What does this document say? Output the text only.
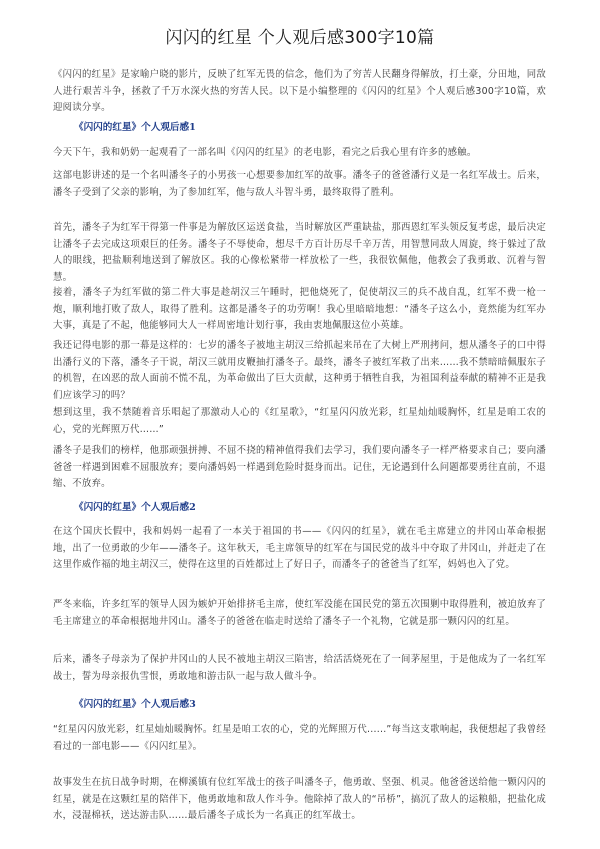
闪闪的红星 个人观后感300字10篇

《闪闪的红星》是家喻户晓的影片，反映了红军无畏的信念，他们为了穷苦人民翻身得解放，打土豪，分田地，同敌人进行艰苦斗争，拯救了千万水深火热的穷苦人民。以下是小编整理的《闪闪的红星》个人观后感300字10篇，欢迎阅读分享。

《闪闪的红星》个人观后感1

今天下午，我和奶奶一起观看了一部名叫《闪闪的红星》的老电影，看完之后我心里有许多的感触。

这部电影讲述的是一个名叫潘冬子的小男孩一心想要参加红军的故事。潘冬子的爸爸潘行义是一名红军战士。后来，潘冬子受到了父亲的影响，为了参加红军，他与敌人斗智斗勇，最终取得了胜利。

首先，潘冬子为红军干得第一件事是为解放区运送食盐，当时解放区严重缺盐，那西恩红军头领反复考虑，最后决定让潘冬子去完成这项艰巨的任务。潘冬子不辱使命，想尽千方百计历尽千辛万苦，用智慧同敌人周旋，终于躲过了敌人的眼线，把盐顺利地送到了解放区。我的心像松紧带一样放松了一些，我很钦佩他，他教会了我勇敢、沉着与智慧。

接着，潘冬子为红军做的第二件大事是趁胡汉三午睡时，把他烧死了，促使胡汉三的兵不战自乱，红军不费一枪一炮，顺利地打败了敌人，取得了胜利。这都是潘冬子的功劳啊！我心里暗暗地想：“潘冬子这么小，竟然能为红军办大事，真是了不起，他能够同大人一样周密地计划行事，我由衷地佩服这位小英雄。

我还记得电影的那一幕是这样的：七岁的潘冬子被地主胡汉三给抓起来吊在了大树上严刑拷问，想从潘冬子的口中得出潘行义的下落，潘冬子干说，胡汉三就用皮鞭抽打潘冬子。最终，潘冬子被红军救了出来……我不禁暗暗佩服东子的机智，在凶恶的敌人面前不慌不乱，为革命做出了巨大贡献，这种勇于牺牲自我，为祖国利益奉献的精神不正是我们应该学习的吗？

想到这里，我不禁随着音乐唱起了那激动人心的《红星歌》，“红星闪闪放光彩，红星灿灿暖胸怀，红星是咱工农的心，党的光辉照万代……”

潘冬子是我们的榜样，他那顽强拼搏、不屈不挠的精神值得我们去学习，我们要向潘冬子一样严格要求自己；要向潘爸爸一样遇到困难不屈服放弃；要向潘妈妈一样遇到危险时挺身而出。记住，无论遇到什么问题都要勇往直前，不退缩、不放弃。

《闪闪的红星》个人观后感2

在这个国庆长假中，我和妈妈一起看了一本关于祖国的书——《闪闪的红星》，就在毛主席建立的井冈山革命根据地，出了一位勇敢的少年——潘冬子。这年秋天，毛主席领导的红军在与国民党的战斗中夺取了井冈山，并赶走了在这里作威作福的地主胡汉三，使得在这里的百姓都过上了好日子，而潘冬子的爸爸当了红军，妈妈也入了党。

严冬来临，许多红军的领导人因为嫉妒开始排挤毛主席，使红军没能在国民党的第五次围剿中取得胜利，被迫放弃了毛主席建立的革命根据地井冈山。潘冬子的爸爸在临走时送给了潘冬子一个礼物，它就是那一颗闪闪的红星。

后来，潘冬子母亲为了保护井冈山的人民不被地主胡汉三陷害，给活活烧死在了一间茅屋里，于是他成为了一名红军战士，誓为母亲报仇雪恨，勇敢地和游击队一起与敌人做斗争。

《闪闪的红星》个人观后感3

“红星闪闪放光彩，红星灿灿暖胸怀。红星是咱工农的心，党的光辉照万代......”每当这支歌响起，我便想起了我曾经看过的一部电影——《闪闪红星》。

故事发生在抗日战争时期，在柳溪镇有位红军战士的孩子叫潘冬子，他勇敢、坚强、机灵。他爸爸送给他一颗闪闪的红星，就是在这颗红星的陪伴下，他勇敢地和敌人作斗争。他除掉了敌人的“吊桥”，搞沉了敌人的运粮船，把盐化成水，浸湿棉袄，送达游击队……最后潘冬子成长为一名真正的红军战士。
